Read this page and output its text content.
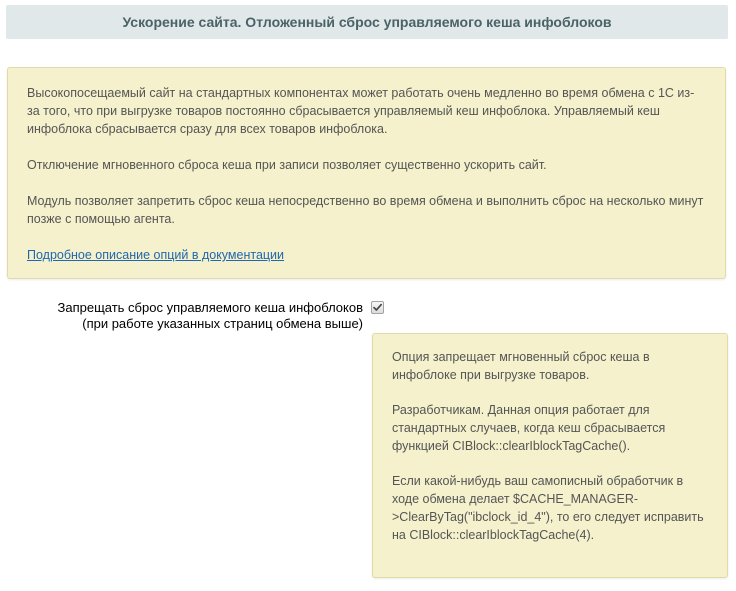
Ускорение сайта. Отложенный сброс управляемого кеша инфоблоков

Высокопосещаемый сайт на стандартных компонентах может работать очень медленно во время обмена с 1С из-за того, что при выгрузке товаров постоянно сбрасывается управляемый кеш инфоблока. Управляемый кеш инфоблока сбрасывается сразу для всех товаров инфоблока.

Отключение мгновенного сброса кеша при записи позволяет существенно ускорить сайт.

Модуль позволяет запретить сброс кеша непосредственно во время обмена и выполнить сброс на несколько минут позже с помощью агента.

Подробное описание опций в документации

Запрещать сброс управляемого кеша инфоблоков
(при работе указанных страниц обмена выше)

Опция запрещает мгновенный сброс кеша в инфоблоке при выгрузке товаров.

Разработчикам. Данная опция работает для стандартных случаев, когда кеш сбрасывается функцией CIBlock::clearIblockTagCache().

Если какой-нибудь ваш самописный обработчик в ходе обмена делает $CACHE_MANAGER->ClearByTag("ibclock_id_4"), то его следует исправить на CIBlock::clearIblockTagCache(4).
